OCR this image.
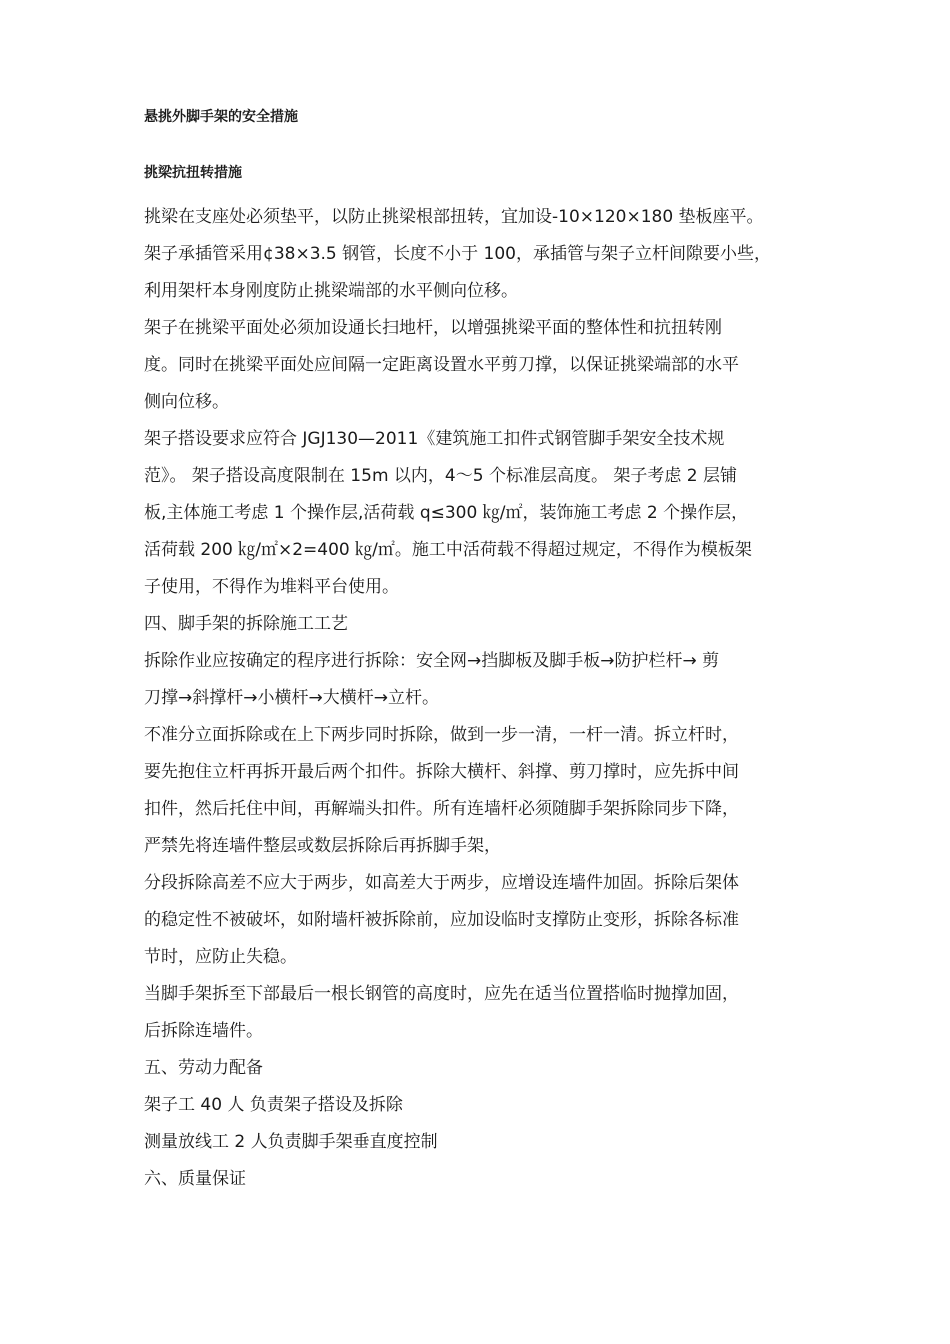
悬挑外脚手架的安全措施
挑梁抗扭转措施
挑梁在支座处必须垫平，以防止挑梁根部扭转，宜加设-10×120×180 垫板座平。
架子承插管采用¢38×3.5 钢管，长度不小于 100，承插管与架子立杆间隙要小些，
利用架杆本身刚度防止挑梁端部的水平侧向位移。
架子在挑梁平面处必须加设通长扫地杆，以增强挑梁平面的整体性和抗扭转刚
度。同时在挑梁平面处应间隔一定距离设置水平剪刀撑，以保证挑梁端部的水平
侧向位移。
架子搭设要求应符合 JGJ130—2011《建筑施工扣件式钢管脚手架安全技术规
范》。 架子搭设高度限制在 15m 以内，4～5 个标准层高度。 架子考虑 2 层铺
板,主体施工考虑 1 个操作层,活荷载 q≤300 ㎏/㎡，装饰施工考虑 2 个操作层，
活荷载 200 ㎏/㎡×2=400 ㎏/㎡。施工中活荷载不得超过规定，不得作为模板架
子使用，不得作为堆料平台使用。
四、脚手架的拆除施工工艺
拆除作业应按确定的程序进行拆除：安全网→挡脚板及脚手板→防护栏杆→ 剪
刀撑→斜撑杆→小横杆→大横杆→立杆。
不准分立面拆除或在上下两步同时拆除，做到一步一清，一杆一清。拆立杆时，
要先抱住立杆再拆开最后两个扣件。拆除大横杆、斜撑、剪刀撑时，应先拆中间
扣件，然后托住中间，再解端头扣件。所有连墙杆必须随脚手架拆除同步下降，
严禁先将连墙件整层或数层拆除后再拆脚手架，
分段拆除高差不应大于两步，如高差大于两步，应增设连墙件加固。拆除后架体
的稳定性不被破坏，如附墙杆被拆除前，应加设临时支撑防止变形，拆除各标准
节时，应防止失稳。
当脚手架拆至下部最后一根长钢管的高度时，应先在适当位置搭临时抛撑加固，
后拆除连墙件。
五、劳动力配备
架子工 40 人 负责架子搭设及拆除
测量放线工 2 人负责脚手架垂直度控制
六、质量保证
